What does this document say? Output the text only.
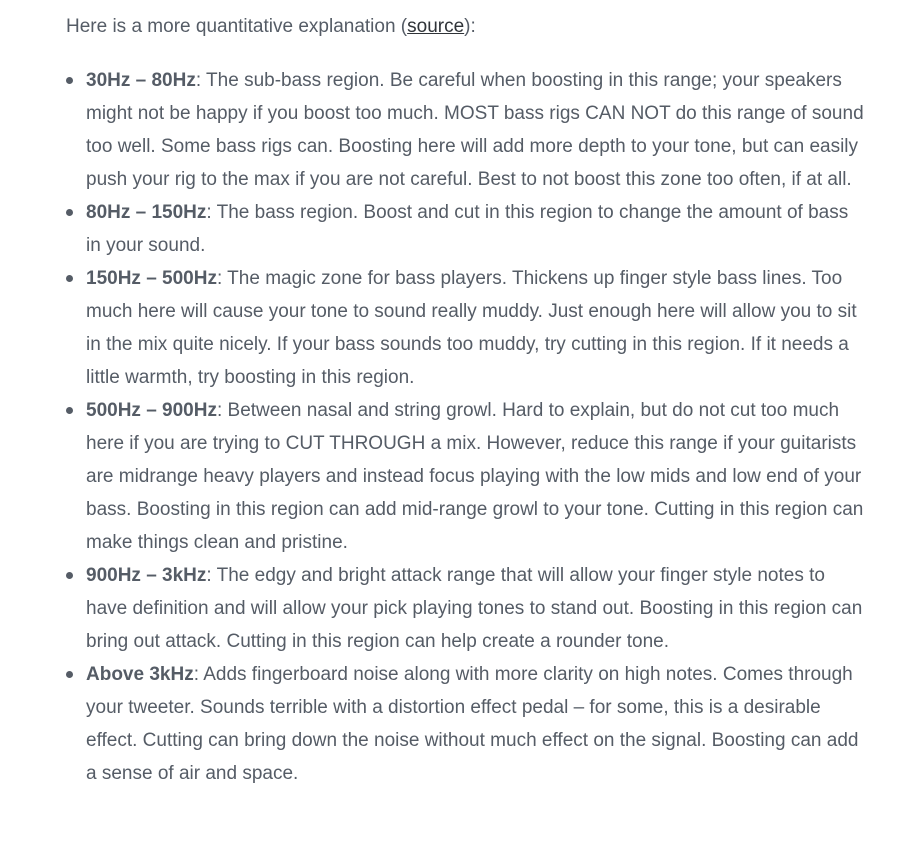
Here is a more quantitative explanation (source):

30Hz – 80Hz: The sub-bass region. Be careful when boosting in this range; your speakers might not be happy if you boost too much. MOST bass rigs CAN NOT do this range of sound too well. Some bass rigs can. Boosting here will add more depth to your tone, but can easily push your rig to the max if you are not careful. Best to not boost this zone too often, if at all.
80Hz – 150Hz: The bass region. Boost and cut in this region to change the amount of bass in your sound.
150Hz – 500Hz: The magic zone for bass players. Thickens up finger style bass lines. Too much here will cause your tone to sound really muddy. Just enough here will allow you to sit in the mix quite nicely. If your bass sounds too muddy, try cutting in this region. If it needs a little warmth, try boosting in this region.
500Hz – 900Hz: Between nasal and string growl. Hard to explain, but do not cut too much here if you are trying to CUT THROUGH a mix. However, reduce this range if your guitarists are midrange heavy players and instead focus playing with the low mids and low end of your bass. Boosting in this region can add mid-range growl to your tone. Cutting in this region can make things clean and pristine.
900Hz – 3kHz: The edgy and bright attack range that will allow your finger style notes to have definition and will allow your pick playing tones to stand out. Boosting in this region can bring out attack. Cutting in this region can help create a rounder tone.
Above 3kHz: Adds fingerboard noise along with more clarity on high notes. Comes through your tweeter. Sounds terrible with a distortion effect pedal – for some, this is a desirable effect. Cutting can bring down the noise without much effect on the signal. Boosting can add a sense of air and space.
